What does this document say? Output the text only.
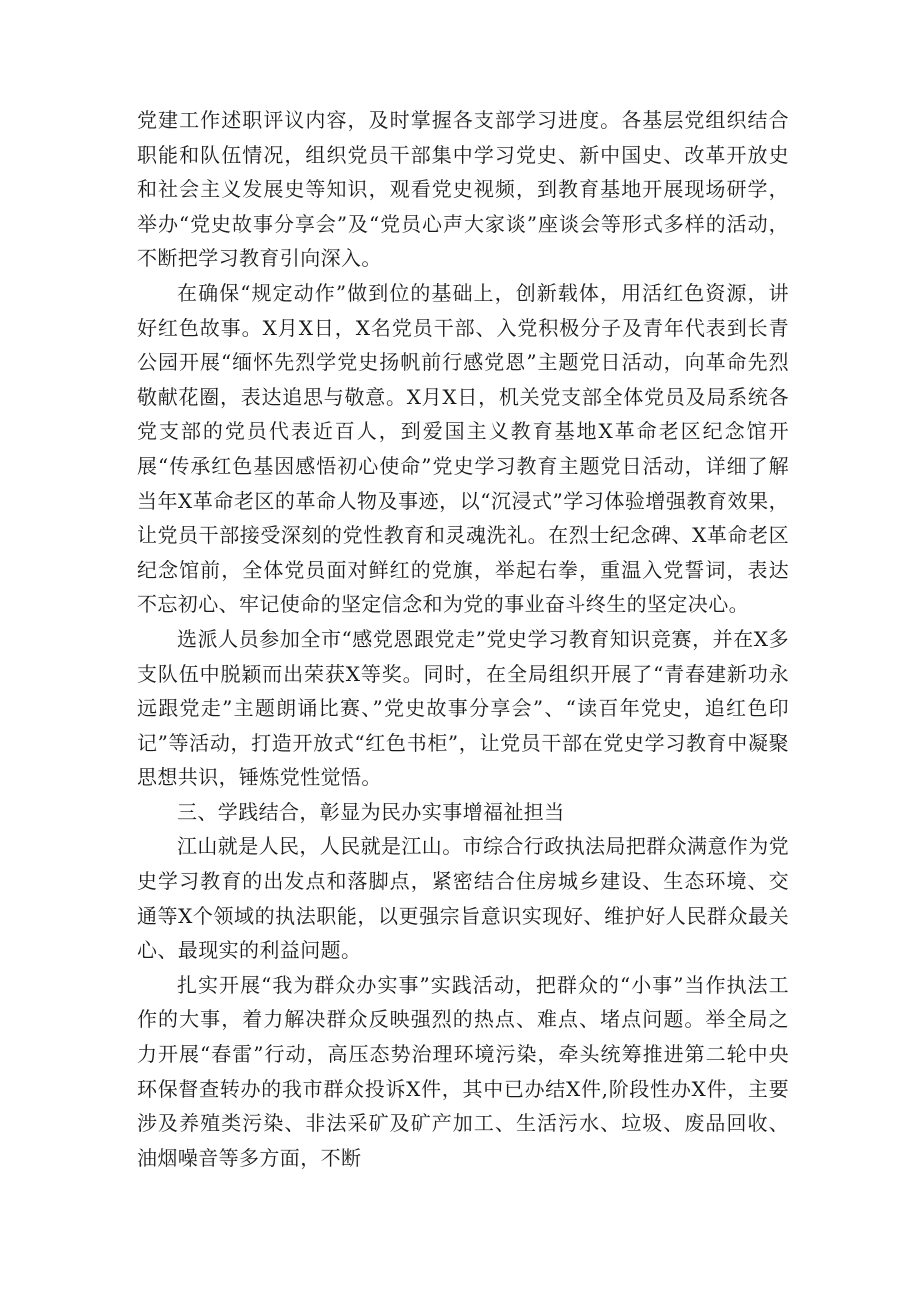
党建工作述职评议内容，及时掌握各支部学习进度。各基层党组织结合职能和队伍情况，组织党员干部集中学习党史、新中国史、改革开放史和社会主义发展史等知识，观看党史视频，到教育基地开展现场研学，举办“党史故事分享会”及“党员心声大家谈”座谈会等形式多样的活动，不断把学习教育引向深入。

在确保“规定动作”做到位的基础上，创新载体，用活红色资源，讲好红色故事。X月X日，X名党员干部、入党积极分子及青年代表到长青公园开展“缅怀先烈学党史扬帆前行感党恩”主题党日活动，向革命先烈敬献花圈，表达追思与敬意。X月X日，机关党支部全体党员及局系统各党支部的党员代表近百人，到爱国主义教育基地X革命老区纪念馆开展“传承红色基因感悟初心使命”党史学习教育主题党日活动，详细了解当年X革命老区的革命人物及事迹，以“沉浸式”学习体验增强教育效果，让党员干部接受深刻的党性教育和灵魂洗礼。在烈士纪念碑、X革命老区纪念馆前，全体党员面对鲜红的党旗，举起右拳，重温入党誓词，表达不忘初心、牢记使命的坚定信念和为党的事业奋斗终生的坚定决心。

选派人员参加全市“感党恩跟党走”党史学习教育知识竞赛，并在X多支队伍中脱颖而出荣获X等奖。同时，在全局组织开展了“青春建新功永远跟党走”主题朗诵比赛、”党史故事分享会”、“读百年党史，追红色印记”等活动，打造开放式“红色书柜”，让党员干部在党史学习教育中凝聚思想共识，锤炼党性觉悟。

三、学践结合，彰显为民办实事增福祉担当

江山就是人民，人民就是江山。市综合行政执法局把群众满意作为党史学习教育的出发点和落脚点，紧密结合住房城乡建设、生态环境、交通等X个领域的执法职能，以更强宗旨意识实现好、维护好人民群众最关心、最现实的利益问题。

扎实开展“我为群众办实事”实践活动，把群众的“小事”当作执法工作的大事，着力解决群众反映强烈的热点、难点、堵点问题。举全局之力开展“春雷”行动，高压态势治理环境污染，牵头统筹推进第二轮中央环保督查转办的我市群众投诉X件，其中已办结X件,阶段性办X件，主要涉及养殖类污染、非法采矿及矿产加工、生活污水、垃圾、废品回收、油烟噪音等多方面，不断
